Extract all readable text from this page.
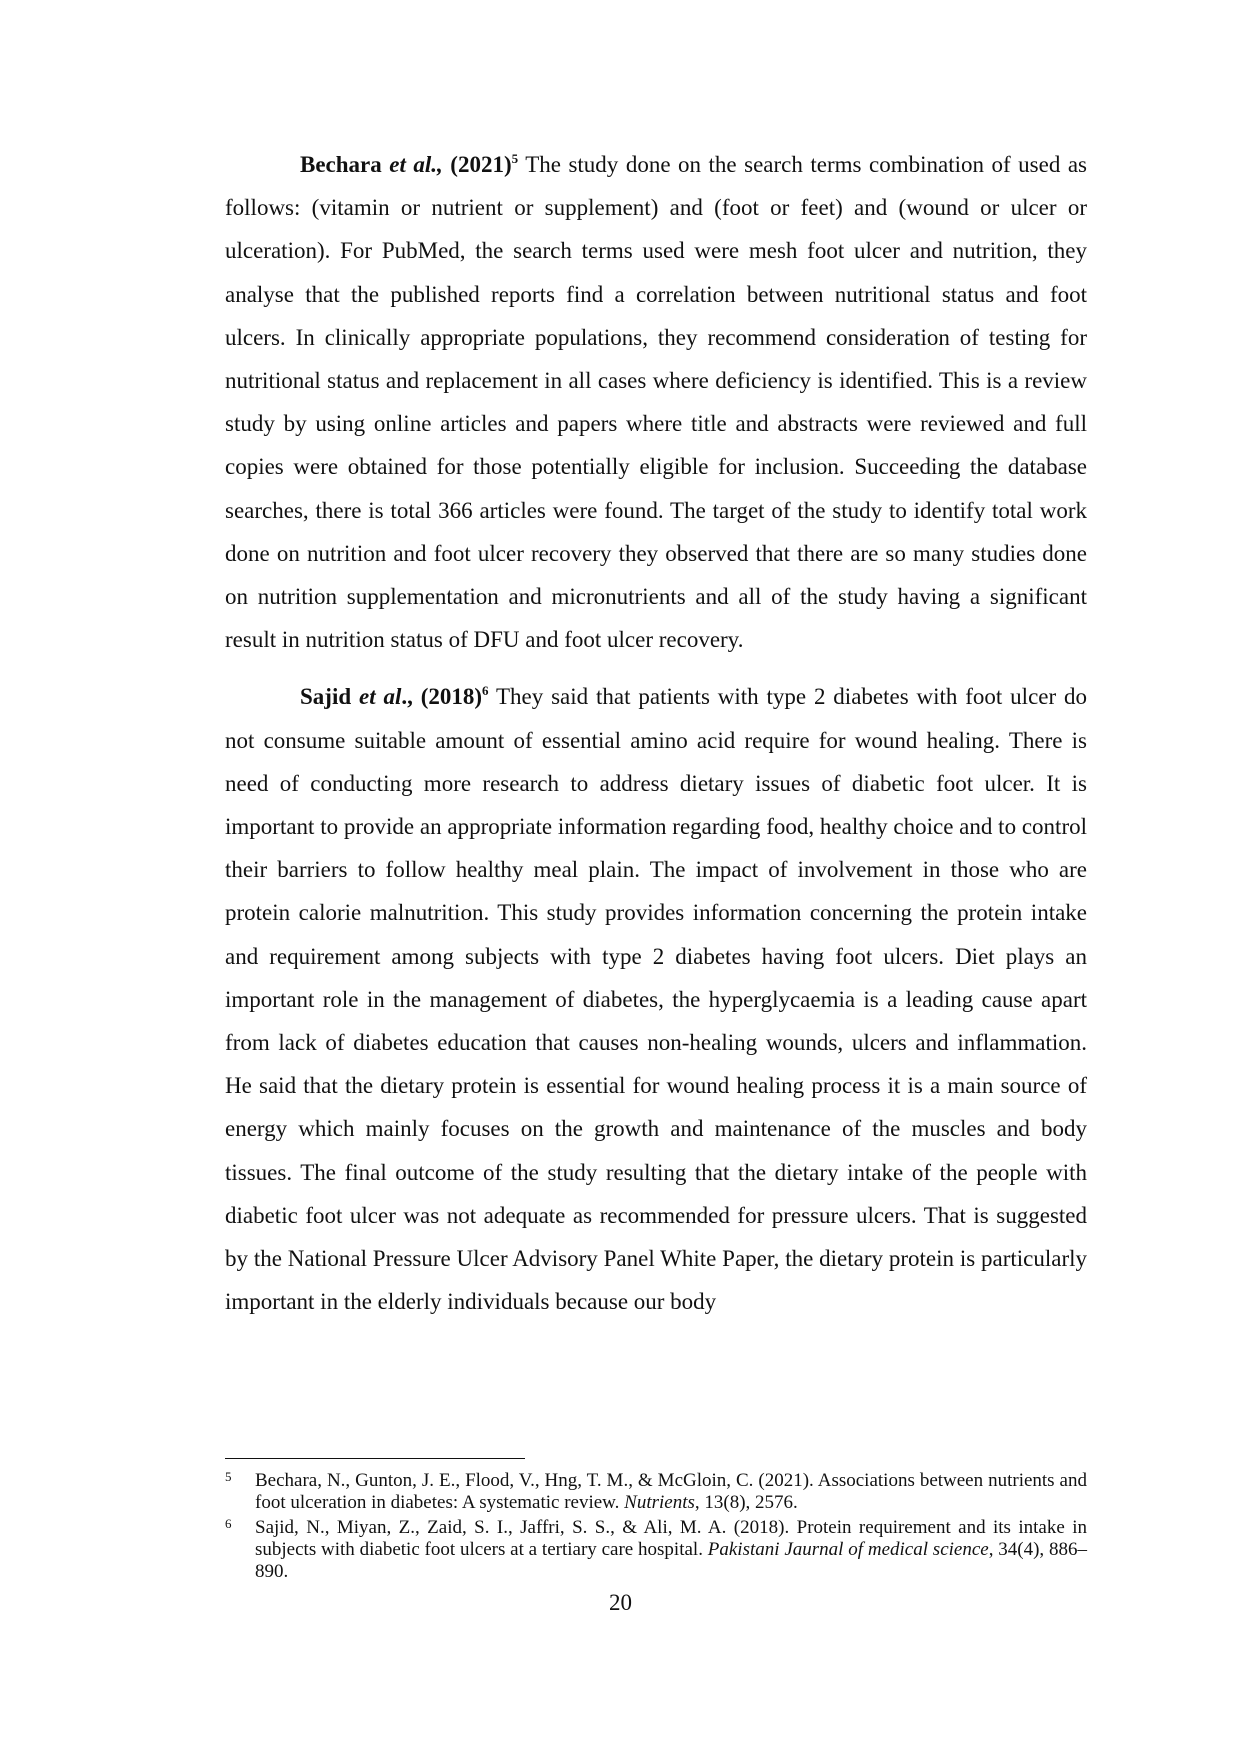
Bechara et al., (2021)$^5$ The study done on the search terms combination of used as follows: (vitamin or nutrient or supplement) and (foot or feet) and (wound or ulcer or ulceration). For PubMed, the search terms used were mesh foot ulcer and nutrition, they analyse that the published reports find a correlation between nutritional status and foot ulcers. In clinically appropriate populations, they recommend consideration of testing for nutritional status and replacement in all cases where deficiency is identified. This is a review study by using online articles and papers where title and abstracts were reviewed and full copies were obtained for those potentially eligible for inclusion. Succeeding the database searches, there is total 366 articles were found. The target of the study to identify total work done on nutrition and foot ulcer recovery they observed that there are so many studies done on nutrition supplementation and micronutrients and all of the study having a significant result in nutrition status of DFU and foot ulcer recovery.

Sajid et al., (2018)$^6$ They said that patients with type 2 diabetes with foot ulcer do not consume suitable amount of essential amino acid require for wound healing. There is need of conducting more research to address dietary issues of diabetic foot ulcer. It is important to provide an appropriate information regarding food, healthy choice and to control their barriers to follow healthy meal plain. The impact of involvement in those who are protein calorie malnutrition. This study provides information concerning the protein intake and requirement among subjects with type 2 diabetes having foot ulcers. Diet plays an important role in the management of diabetes, the hyperglycaemia is a leading cause apart from lack of diabetes education that causes non-healing wounds, ulcers and inflammation. He said that the dietary protein is essential for wound healing process it is a main source of energy which mainly focuses on the growth and maintenance of the muscles and body tissues. The final outcome of the study resulting that the dietary intake of the people with diabetic foot ulcer was not adequate as recommended for pressure ulcers. That is suggested by the National Pressure Ulcer Advisory Panel White Paper, the dietary protein is particularly important in the elderly individuals because our body

5 Bechara, N., Gunton, J. E., Flood, V., Hng, T. M., & McGloin, C. (2021). Associations between nutrients and foot ulceration in diabetes: A systematic review. Nutrients, 13(8), 2576.
6 Sajid, N., Miyan, Z., Zaid, S. I., Jaffri, S. S., & Ali, M. A. (2018). Protein requirement and its intake in subjects with diabetic foot ulcers at a tertiary care hospital. Pakistani Jaurnal of medical science, 34(4), 886–890.
20
